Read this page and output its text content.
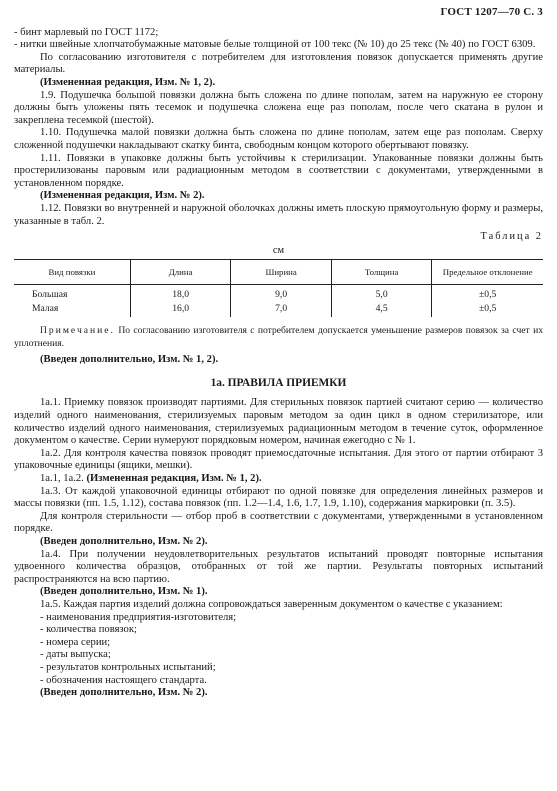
ГОСТ 1207—70 С. 3

- бинт марлевый по ГОСТ 1172;

- нитки швейные хлопчатобумажные матовые белые толщиной от 100 текс (№ 10) до 25 текс (№ 40) по ГОСТ 6309.

По согласованию изготовителя с потребителем для изготовления повязок допускается применять другие материалы.

(Измененная редакция, Изм. № 1, 2).

1.9. Подушечка большой повязки должна быть сложена по длине пополам, затем на наружную ее сторону должны быть уложены пять тесемок и подушечка сложена еще раз пополам, после чего скатана в рулон и закреплена тесемкой (шестой).

1.10. Подушечка малой повязки должна быть сложена по длине пополам, затем еще раз пополам. Сверху сложенной подушечки накладывают скатку бинта, свободным концом которого обертывают повязку.

1.11. Повязки в упаковке должны быть устойчивы к стерилизации. Упакованные повязки должны быть простерилизованы паровым или радиационным методом в соответствии с документами, утвержденными в установленном порядке.

(Измененная редакция, Изм. № 2).

1.12. Повязки во внутренней и наружной оболочках должны иметь плоскую прямоугольную форму и размеры, указанные в табл. 2.

Таблица 2
см
Вид повязки	Длина	Ширина	Толщина	Предельное отклонение
Большая	18,0	9,0	5,0	±0,5
Малая	16,0	7,0	4,5	±0,5

Примечание. По согласованию изготовителя с потребителем допускается уменьшение размеров повязок за счет их уплотнения.

(Введен дополнительно, Изм. № 1, 2).

1а. ПРАВИЛА ПРИЕМКИ

1а.1. Приемку повязок производят партиями. Для стерильных повязок партией считают серию — количество изделий одного наименования, стерилизуемых паровым методом за один цикл в одном стерилизаторе, или количество изделий одного наименования, стерилизуемых радиационным методом в течение суток, оформленное документом о качестве. Серии нумеруют порядковым номером, начиная ежегодно с № 1.

1а.2. Для контроля качества повязок проводят приемосдаточные испытания. Для этого от партии отбирают 3 упаковочные единицы (ящики, мешки).

1а.1, 1а.2. (Измененная редакция, Изм. № 1, 2).

1а.3. От каждой упаковочной единицы отбирают по одной повязке для определения линейных размеров и массы повязки (пп. 1.5, 1.12), состава повязок (пп. 1.2—1.4, 1.6, 1.7, 1.9, 1.10), содержания маркировки (п. 3.5).

Для контроля стерильности — отбор проб в соответствии с документами, утвержденными в установленном порядке.

(Введен дополнительно, Изм. № 2).

1а.4. При получении неудовлетворительных результатов испытаний проводят повторные испытания удвоенного количества образцов, отобранных от той же партии. Результаты повторных испытаний распространяются на всю партию.

(Введен дополнительно, Изм. № 1).

1а.5. Каждая партия изделий должна сопровождаться заверенным документом о качестве с указанием:

- наименования предприятия-изготовителя;
- количества повязок;
- номера серии;
- даты выпуска;
- результатов контрольных испытаний;
- обозначения настоящего стандарта.

(Введен дополнительно, Изм. № 2).
